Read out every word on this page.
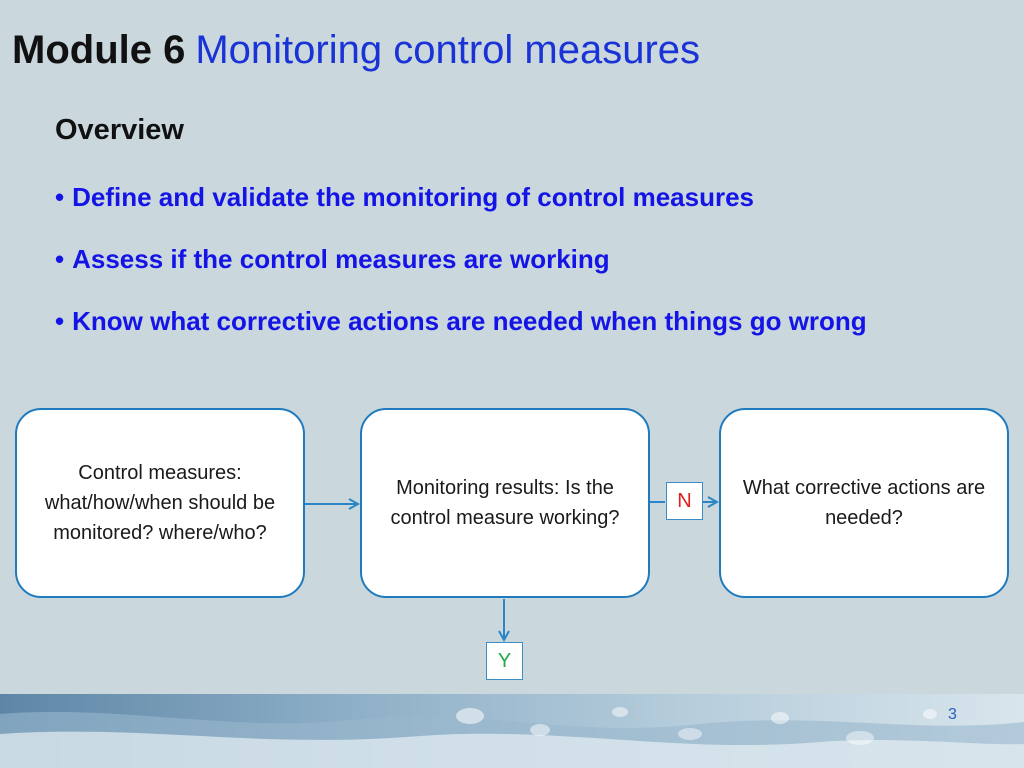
Module 6 Monitoring control measures
Overview
• Define and validate the monitoring of control measures
• Assess if the control measures are working
• Know what corrective actions are needed when things go wrong
Control measures: what/how/when should be monitored? where/who?
Monitoring results: Is the control measure working?
What corrective actions are needed?
N
Y
3
